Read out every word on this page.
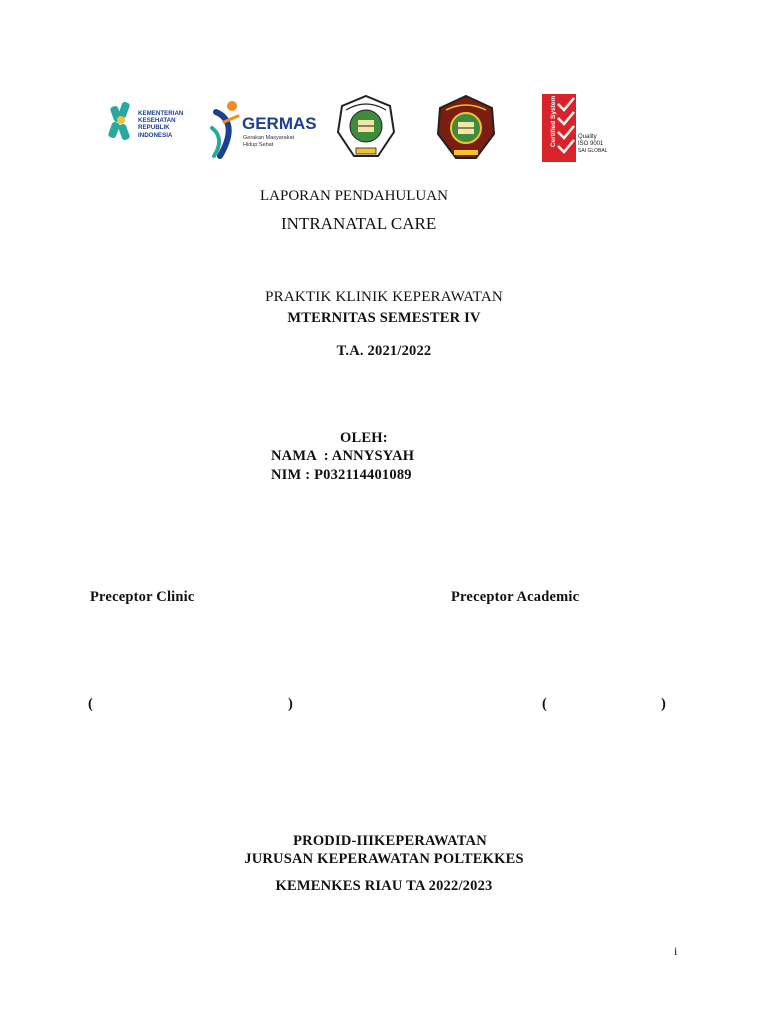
KEMENTERIAN
KESEHATAN
REPUBLIK
INDONESIA
GERMAS
Gerakan Masyarakat
Hidup Sehat	Certified System	Quality
ISO 9001
SAI GLOBAL
LAPORAN PENDAHULUAN
INTRANATAL CARE
PRAKTIK KLINIK KEPERAWATAN
MTERNITAS SEMESTER IV
T.A. 2021/2022
OLEH:
NAMA  : ANNYSYAH
NIM : P032114401089
Preceptor Clinic	Preceptor Academic
(	)	(	)
PRODID-IIIKEPERAWATAN
JURUSAN KEPERAWATAN POLTEKKES
KEMENKES RIAU TA 2022/2023
i
